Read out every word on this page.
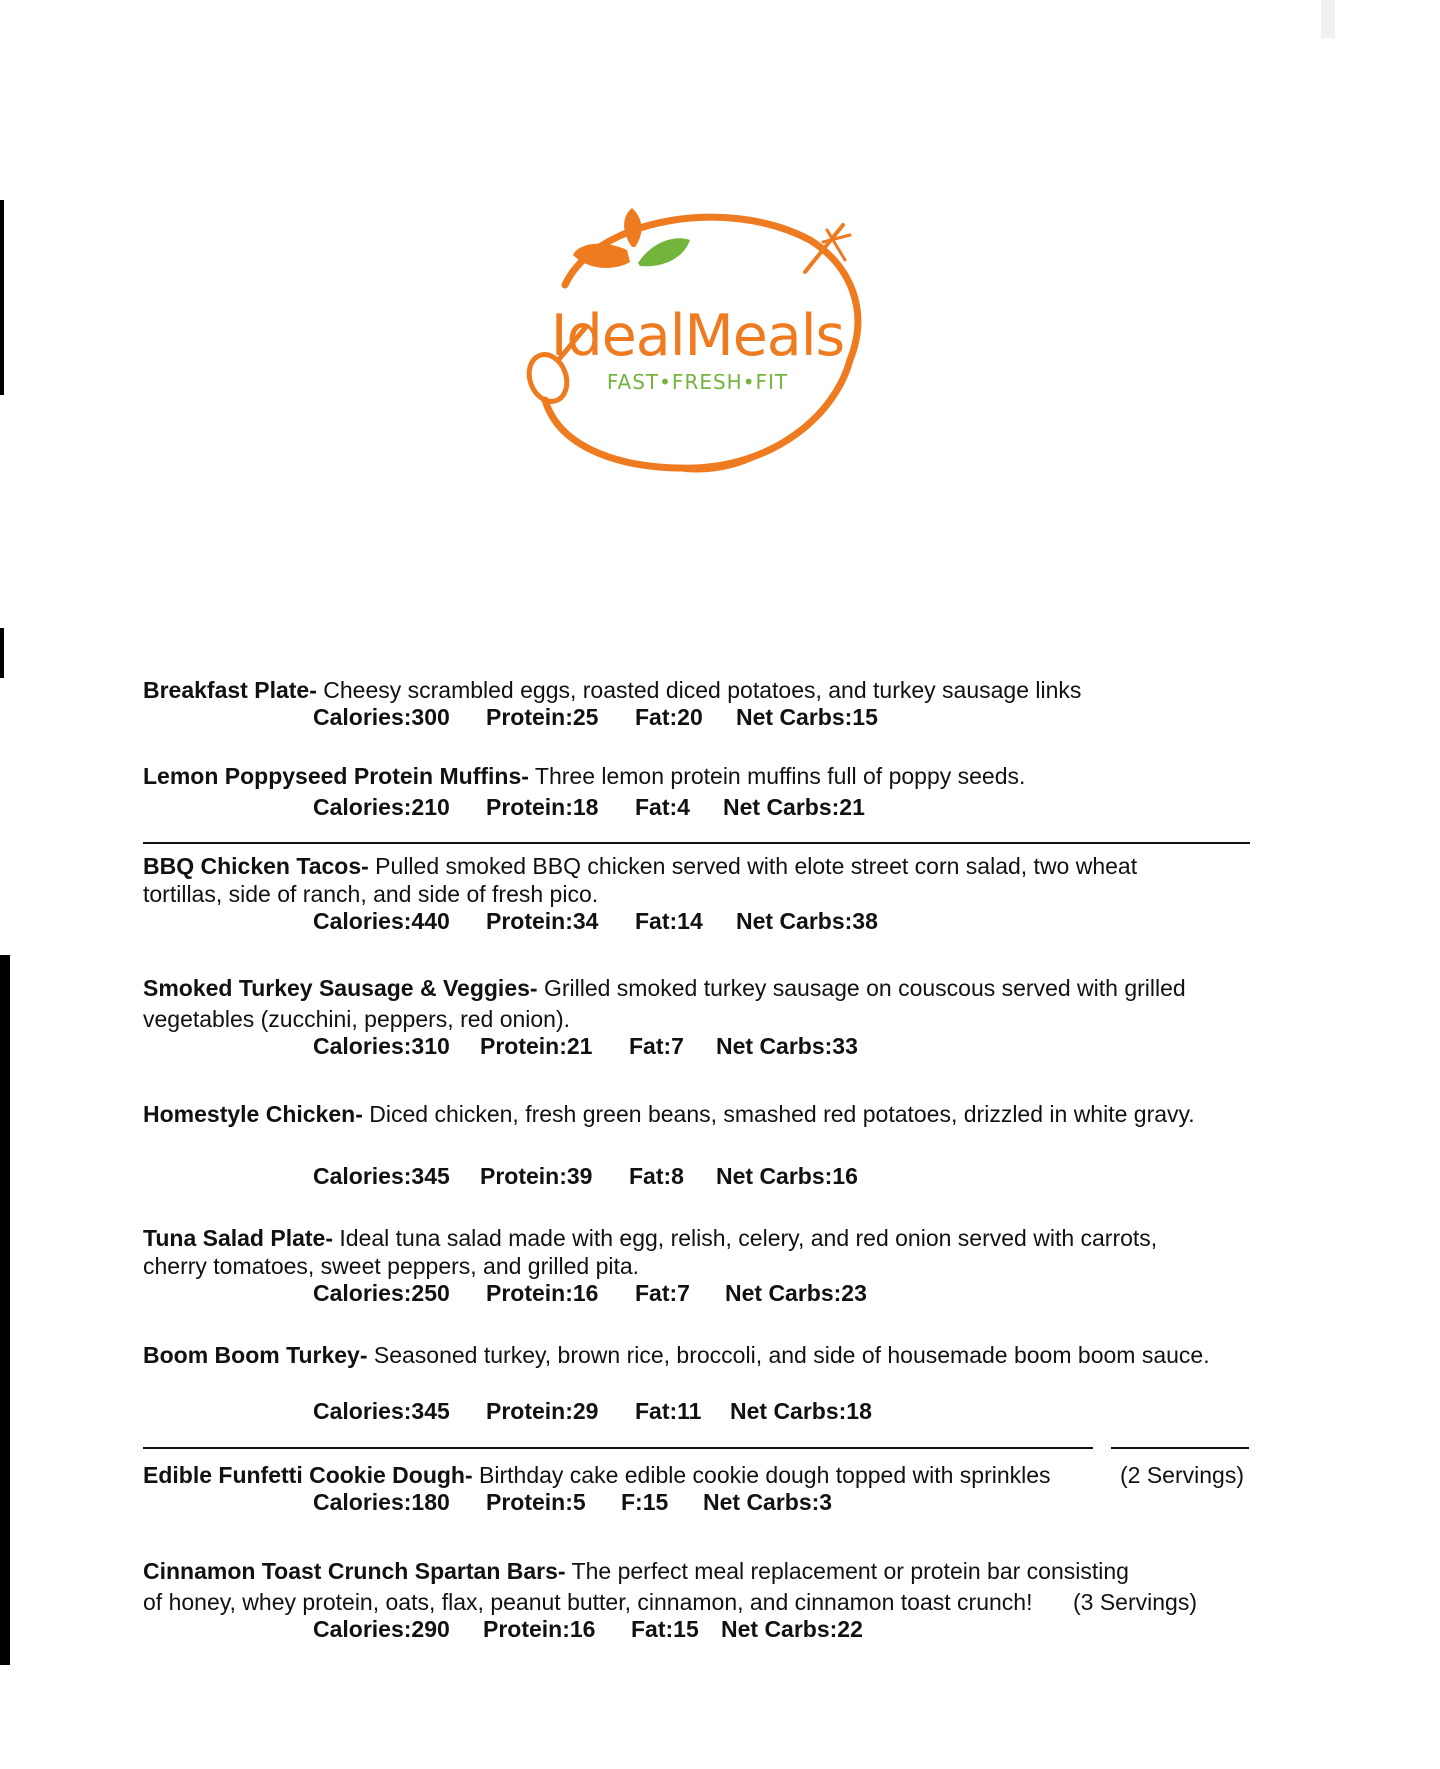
IdealMeals
FAST•FRESH•FIT
Breakfast Plate- Cheesy scrambled eggs, roasted diced potatoes, and turkey sausage links
Calories:300 Protein:25 Fat:20 Net Carbs:15
Lemon Poppyseed Protein Muffins- Three lemon protein muffins full of poppy seeds.
Calories:210 Protein:18 Fat:4 Net Carbs:21
BBQ Chicken Tacos- Pulled smoked BBQ chicken served with elote street corn salad, two wheat tortillas, side of ranch, and side of fresh pico.
Calories:440 Protein:34 Fat:14 Net Carbs:38
Smoked Turkey Sausage & Veggies- Grilled smoked turkey sausage on couscous served with grilled vegetables (zucchini, peppers, red onion).
Calories:310 Protein:21 Fat:7 Net Carbs:33
Homestyle Chicken- Diced chicken, fresh green beans, smashed red potatoes, drizzled in white gravy.
Calories:345 Protein:39 Fat:8 Net Carbs:16
Tuna Salad Plate- Ideal tuna salad made with egg, relish, celery, and red onion served with carrots, cherry tomatoes, sweet peppers, and grilled pita.
Calories:250 Protein:16 Fat:7 Net Carbs:23
Boom Boom Turkey- Seasoned turkey, brown rice, broccoli, and side of housemade boom boom sauce.
Calories:345 Protein:29 Fat:11 Net Carbs:18
Edible Funfetti Cookie Dough- Birthday cake edible cookie dough topped with sprinkles	(2 Servings)
Calories:180 Protein:5 F:15 Net Carbs:3
Cinnamon Toast Crunch Spartan Bars- The perfect meal replacement or protein bar consisting of honey, whey protein, oats, flax, peanut butter, cinnamon, and cinnamon toast crunch!	(3 Servings)
Calories:290 Protein:16 Fat:15 Net Carbs:22
